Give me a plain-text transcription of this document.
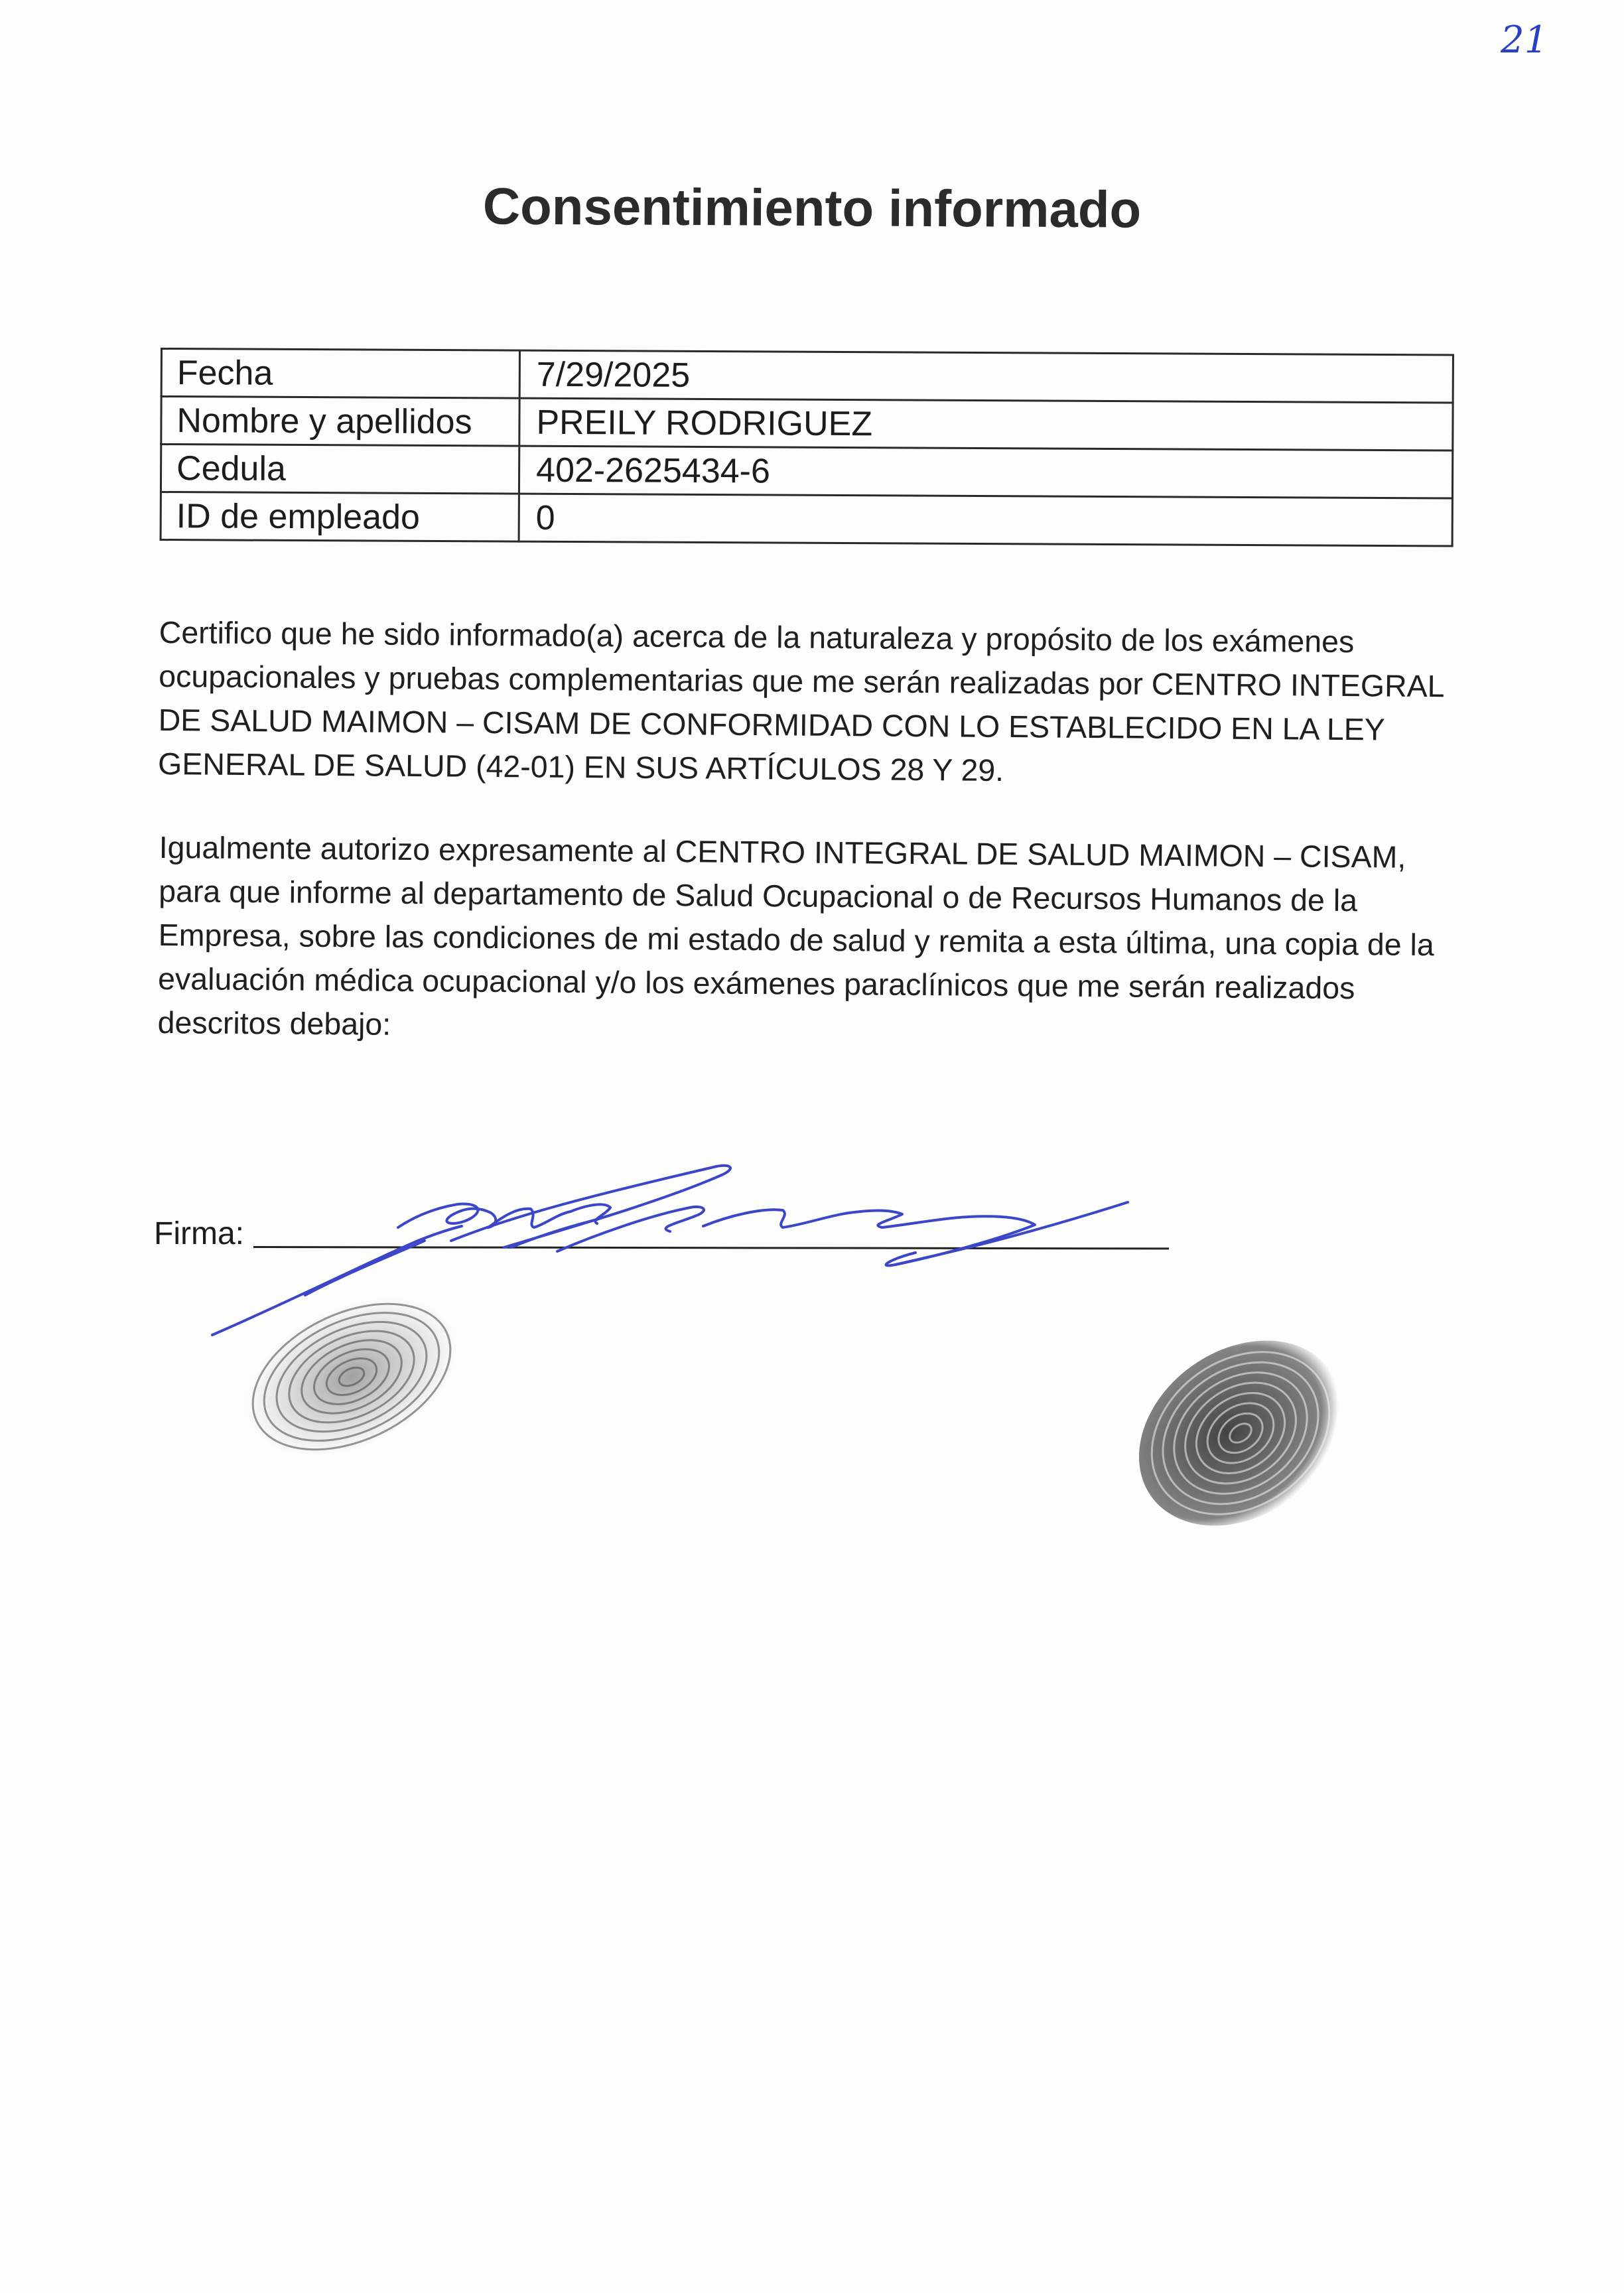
21
Consentimiento informado
Fecha	7/29/2025
Nombre y apellidos	PREILY RODRIGUEZ
Cedula	402-2625434-6
ID de empleado	0
Certifico que he sido informado(a) acerca de la naturaleza y propósito de los exámenes ocupacionales y pruebas complementarias que me serán realizadas por CENTRO INTEGRAL DE SALUD MAIMON – CISAM DE CONFORMIDAD CON LO ESTABLECIDO EN LA LEY GENERAL DE SALUD (42-01) EN SUS ARTÍCULOS 28 Y 29.
Igualmente autorizo expresamente al CENTRO INTEGRAL DE SALUD MAIMON – CISAM, para que informe al departamento de Salud Ocupacional o de Recursos Humanos de la Empresa, sobre las condiciones de mi estado de salud y remita a esta última, una copia de la evaluación médica ocupacional y/o los exámenes paraclínicos que me serán realizados descritos debajo:
Firma:
